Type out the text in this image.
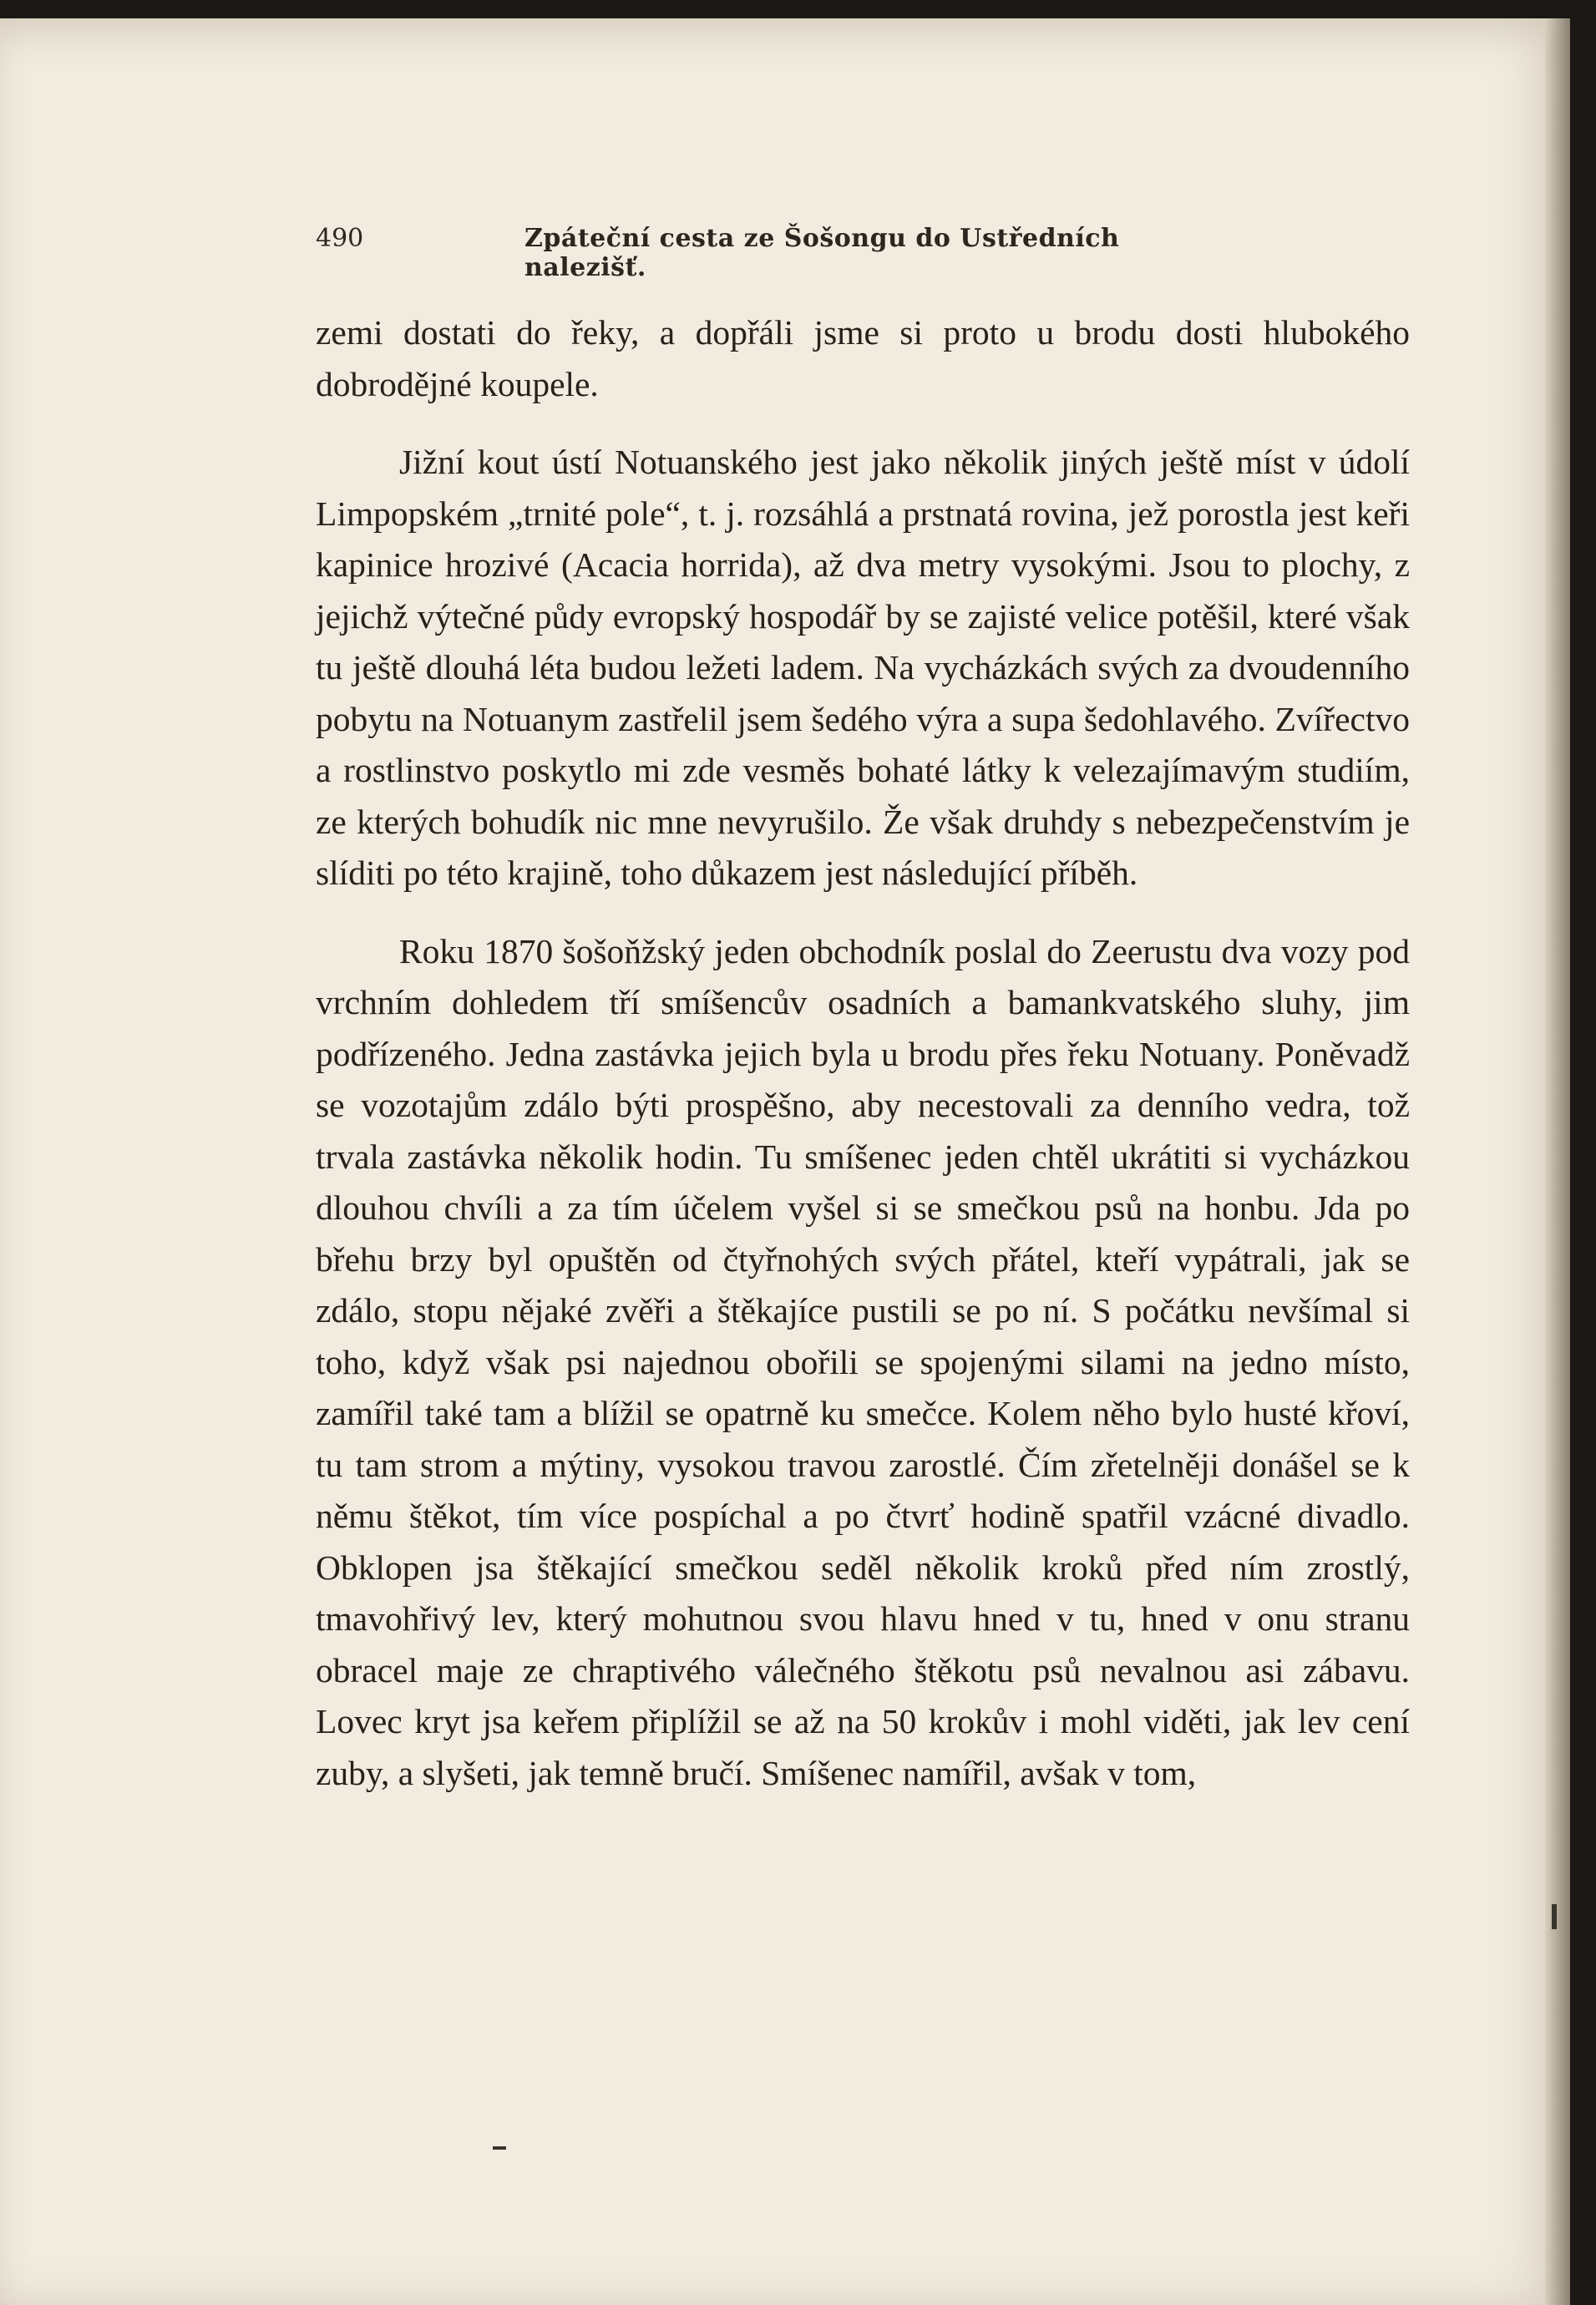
490	Zpáteční cesta ze Šošongu do Ustředních nalezišť.

zemi dostati do řeky, a dopřáli jsme si proto u brodu dosti hlubokého dobrodějné koupele.

Jižní kout ústí Notuanského jest jako několik jiných ještě míst v údolí Limpopském „trnité pole“, t. j. rozsáhlá a prstnatá rovina, jež porostla jest keři kapinice hrozivé (Acacia horrida), až dva metry vysokými. Jsou to plochy, z jejichž výtečné půdy evropský hospodář by se zajisté velice potěšil, které však tu ještě dlouhá léta budou ležeti ladem. Na vycházkách svých za dvoudenního pobytu na Notuanym zastřelil jsem šedého výra a supa šedohlavého. Zvířectvo a rostlinstvo poskytlo mi zde vesměs bohaté látky k velezajímavým studiím, ze kterých bohudík nic mne nevyrušilo. Že však druhdy s nebezpečenstvím je slíditi po této krajině, toho důkazem jest následující příběh.

Roku 1870 šošoňžský jeden obchodník poslal do Zeerustu dva vozy pod vrchním dohledem tří smíšencův osadních a bamankvatského sluhy, jim podřízeného. Jedna zastávka jejich byla u brodu přes řeku Notuany. Poněvadž se vozotajům zdálo býti prospěšno, aby necestovali za denního vedra, tož trvala zastávka několik hodin. Tu smíšenec jeden chtěl ukrátiti si vycházkou dlouhou chvíli a za tím účelem vyšel si se smečkou psů na honbu. Jda po břehu brzy byl opuštěn od čtyřnohých svých přátel, kteří vypátrali, jak se zdálo, stopu nějaké zvěři a štěkajíce pustili se po ní. S počátku nevšímal si toho, když však psi najednou obořili se spojenými silami na jedno místo, zamířil také tam a blížil se opatrně ku smečce. Kolem něho bylo husté křoví, tu tam strom a mýtiny, vysokou travou zarostlé. Čím zřetelněji donášel se k němu štěkot, tím více pospíchal a po čtvrť hodině spatřil vzácné divadlo. Obklopen jsa štěkající smečkou seděl několik kroků před ním zrostlý, tmavohřivý lev, který mohutnou svou hlavu hned v tu, hned v onu stranu obracel maje ze chraptivého válečného štěkotu psů nevalnou asi zábavu. Lovec kryt jsa keřem připlížil se až na 50 krokův i mohl viděti, jak lev cení zuby, a slyšeti, jak temně bručí. Smíšenec namířil, avšak v tom,
